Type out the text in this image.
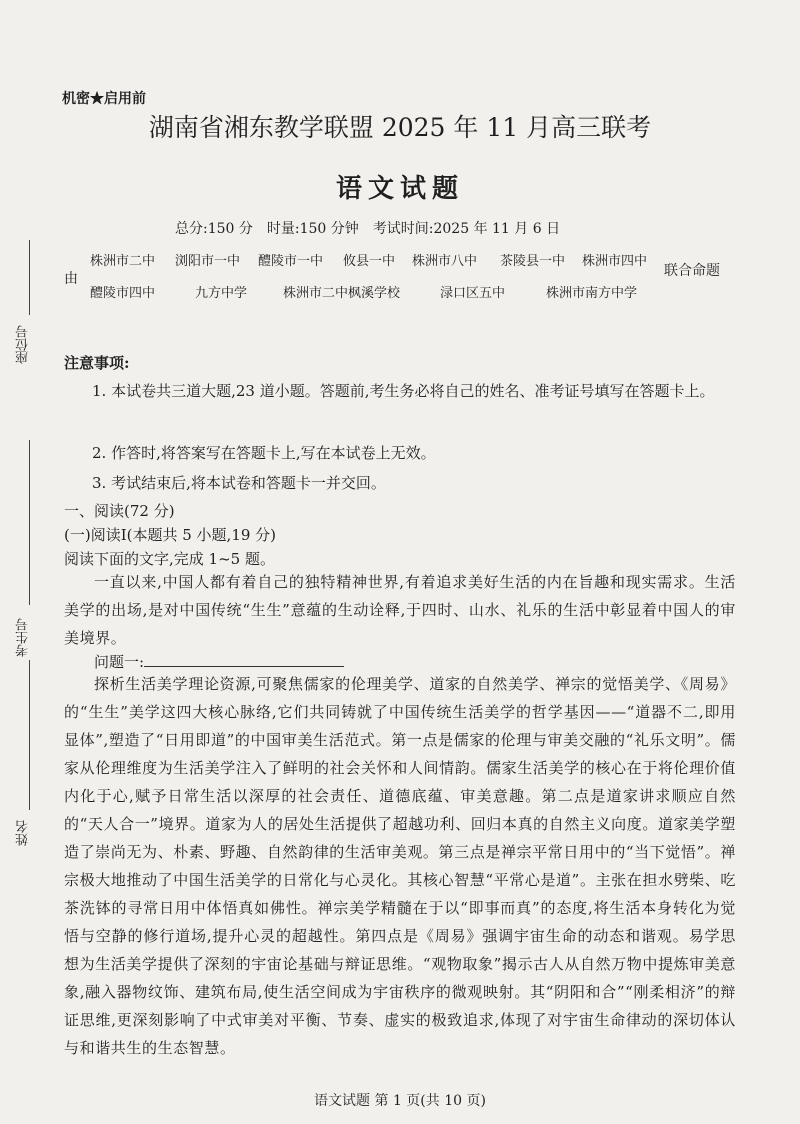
座位号
考生号
姓名
机密★启用前
湖南省湘东教学联盟 2025 年 11 月高三联考
语文试题
总分:150 分　时量:150 分钟　考试时间:2025 年 11 月 6 日
由
株洲市二中 浏阳市一中 醴陵市一中 攸县一中 株洲市八中 茶陵县一中 株洲市四中
醴陵市四中	九方中学	株洲市二中枫溪学校	渌口区五中	株洲市南方中学
联合命题
注意事项:
1. 本试卷共三道大题,23 道小题。答题前,考生务必将自己的姓名、准考证号填写在答题卡上。
2. 作答时,将答案写在答题卡上,写在本试卷上无效。
3. 考试结束后,将本试卷和答题卡一并交回。
一、阅读(72 分)
(一)阅读Ⅰ(本题共 5 小题,19 分)
阅读下面的文字,完成 1~5 题。
一直以来,中国人都有着自己的独特精神世界,有着追求美好生活的内在旨趣和现实需求。生活美学的出场,是对中国传统“生生”意蕴的生动诠释,于四时、山水、礼乐的生活中彰显着中国人的审美境界。
问题一:
探析生活美学理论资源,可聚焦儒家的伦理美学、道家的自然美学、禅宗的觉悟美学、《周易》的“生生”美学这四大核心脉络,它们共同铸就了中国传统生活美学的哲学基因——“道器不二,即用显体”,塑造了“日用即道”的中国审美生活范式。第一点是儒家的伦理与审美交融的“礼乐文明”。儒家从伦理维度为生活美学注入了鲜明的社会关怀和人间情韵。儒家生活美学的核心在于将伦理价值内化于心,赋予日常生活以深厚的社会责任、道德底蕴、审美意趣。第二点是道家讲求顺应自然的“天人合一”境界。道家为人的居处生活提供了超越功利、回归本真的自然主义向度。道家美学塑造了崇尚无为、朴素、野趣、自然韵律的生活审美观。第三点是禅宗平常日用中的“当下觉悟”。禅宗极大地推动了中国生活美学的日常化与心灵化。其核心智慧“平常心是道”。主张在担水劈柴、吃茶洗钵的寻常日用中体悟真如佛性。禅宗美学精髓在于以“即事而真”的态度,将生活本身转化为觉悟与空静的修行道场,提升心灵的超越性。第四点是《周易》强调宇宙生命的动态和谐观。易学思想为生活美学提供了深刻的宇宙论基础与辩证思维。“观物取象”揭示古人从自然万物中提炼审美意象,融入器物纹饰、建筑布局,使生活空间成为宇宙秩序的微观映射。其“阴阳和合”“刚柔相济”的辩证思维,更深刻影响了中式审美对平衡、节奏、虚实的极致追求,体现了对宇宙生命律动的深切体认与和谐共生的生态智慧。
语文试题 第 1 页(共 10 页)
